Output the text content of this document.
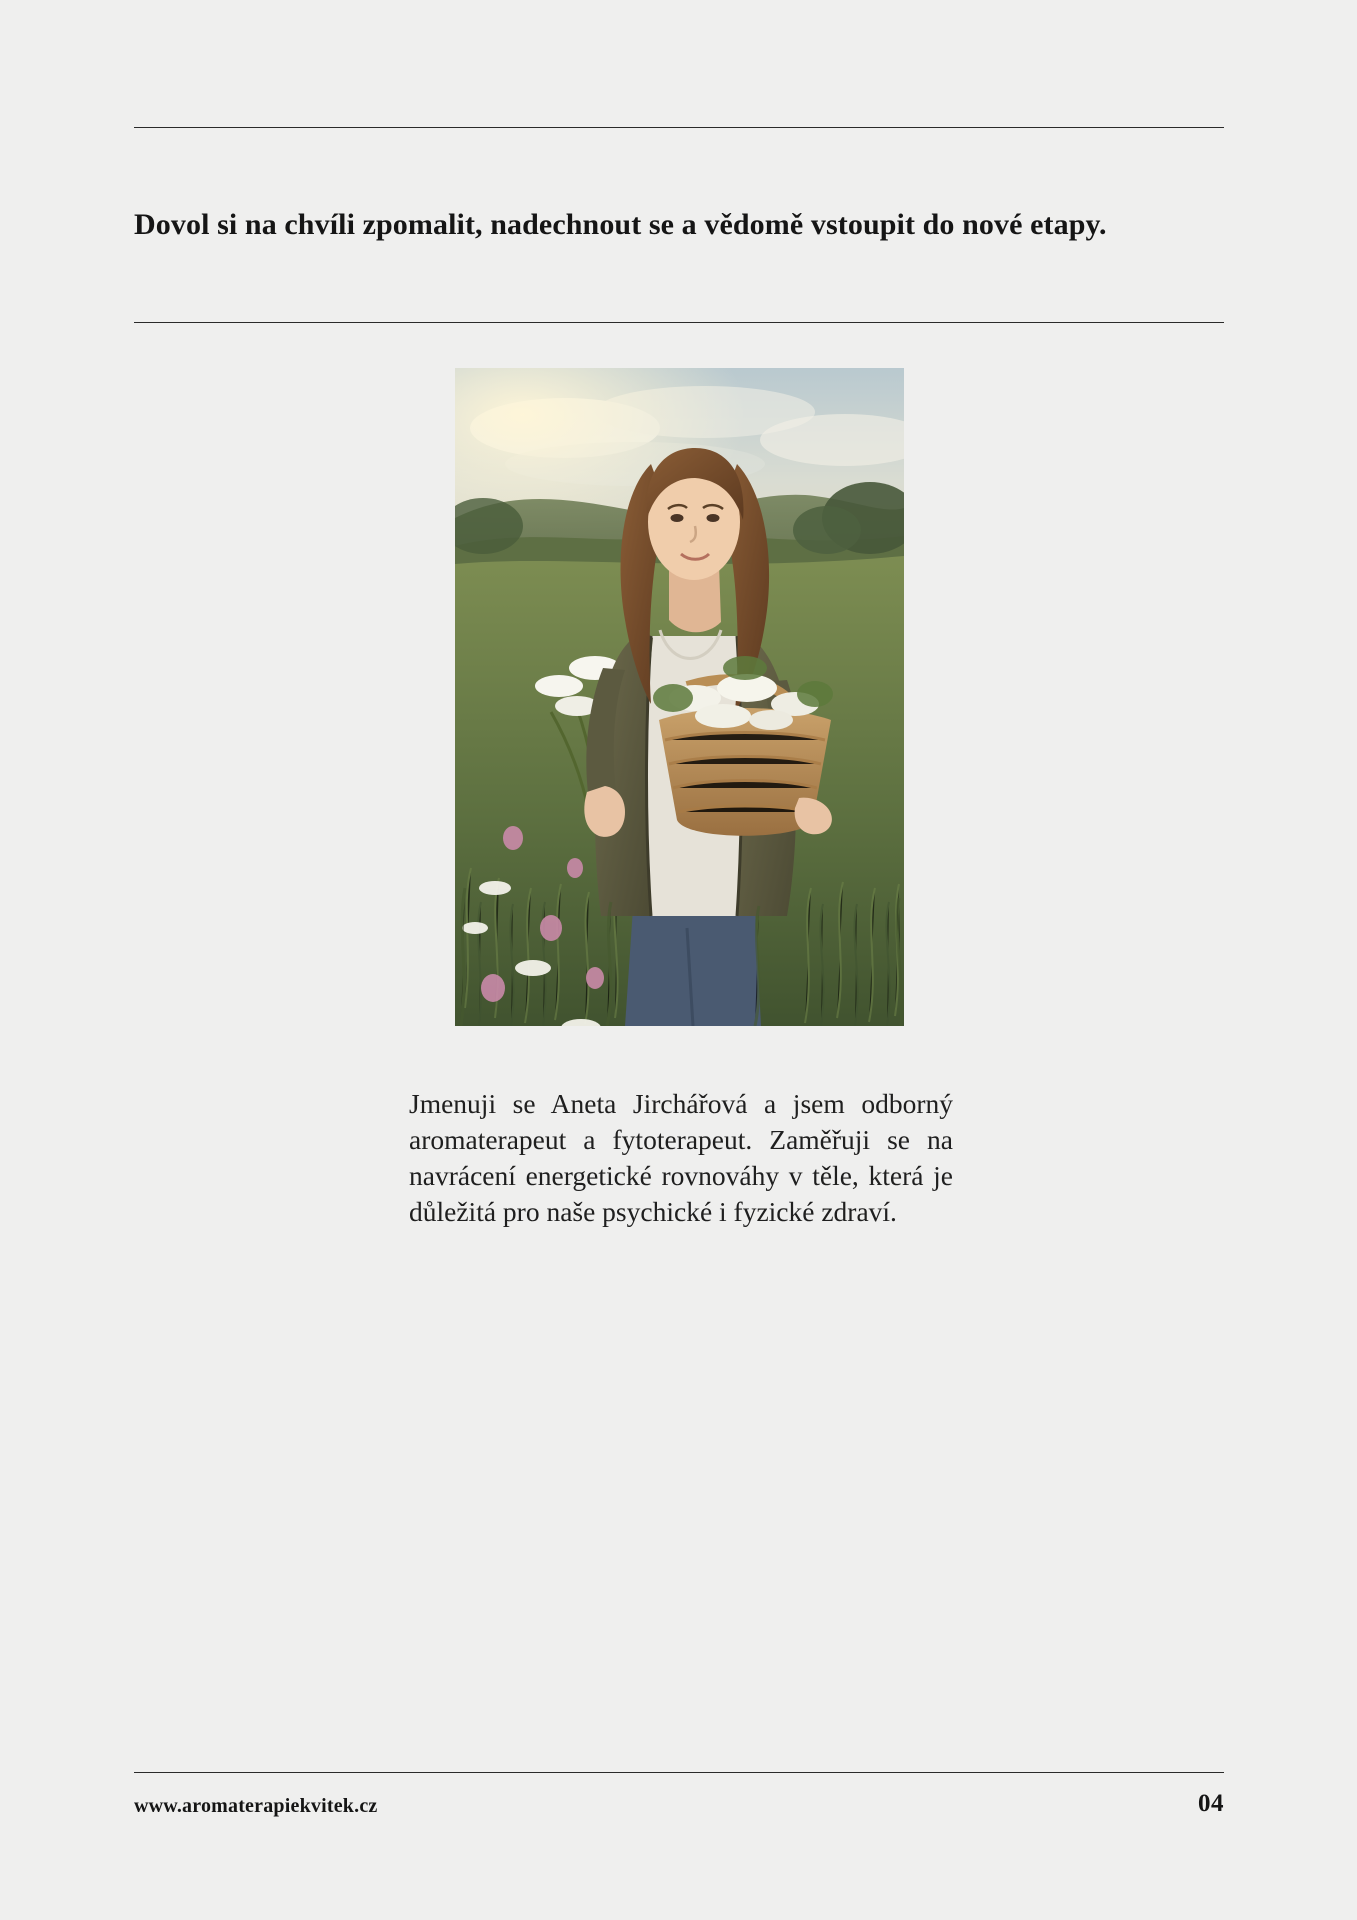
Dovol si na chvíli zpomalit, nadechnout se a vědomě vstoupit do nové etapy.

Jmenuji se Aneta Jirchářová a jsem odborný aromaterapeut a fytoterapeut. Zaměřuji se na navrácení energetické rovnováhy v těle, která je důležitá pro naše psychické i fyzické zdraví.

www.aromaterapiekvitek.cz	04
